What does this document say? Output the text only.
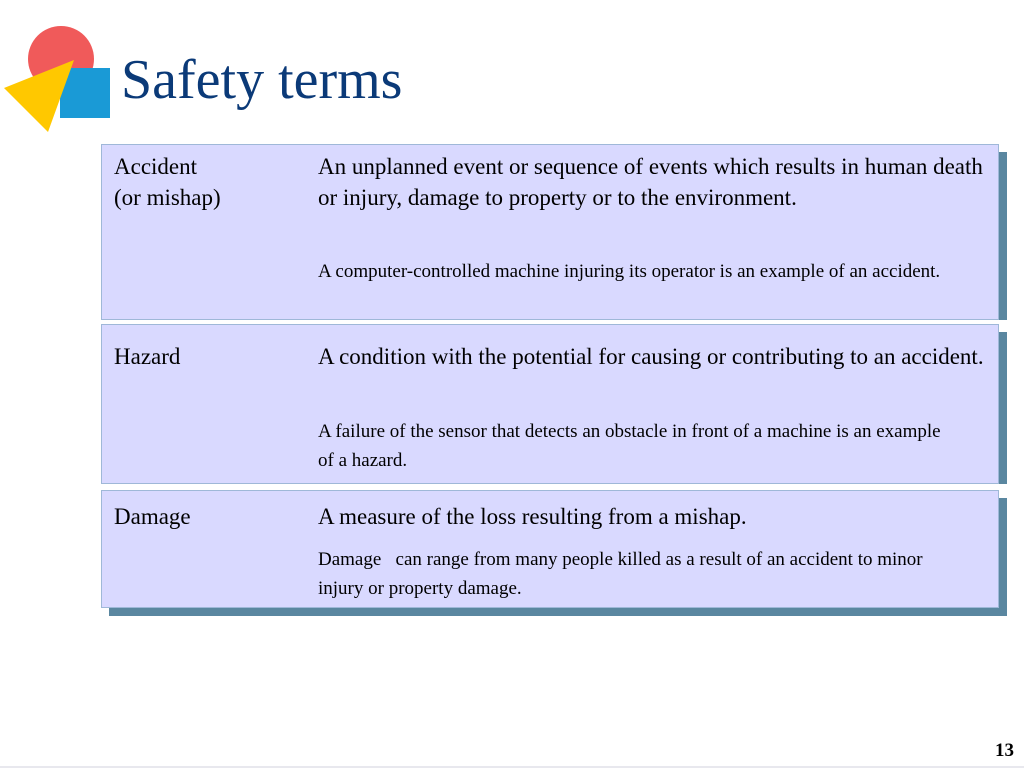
Safety terms
Accident
(or mishap)
An unplanned event or sequence of events which results in human death or injury, damage to property or to the environment.
A computer-controlled machine injuring its operator is an example of an accident.
Hazard	A condition with the potential for causing or contributing to an accident.
A failure of the sensor that detects an obstacle in front of a machine is an example of a hazard.
Damage	A measure of the loss resulting from a mishap.
Damage   can range from many people killed as a result of an accident to minor injury or property damage.
13
